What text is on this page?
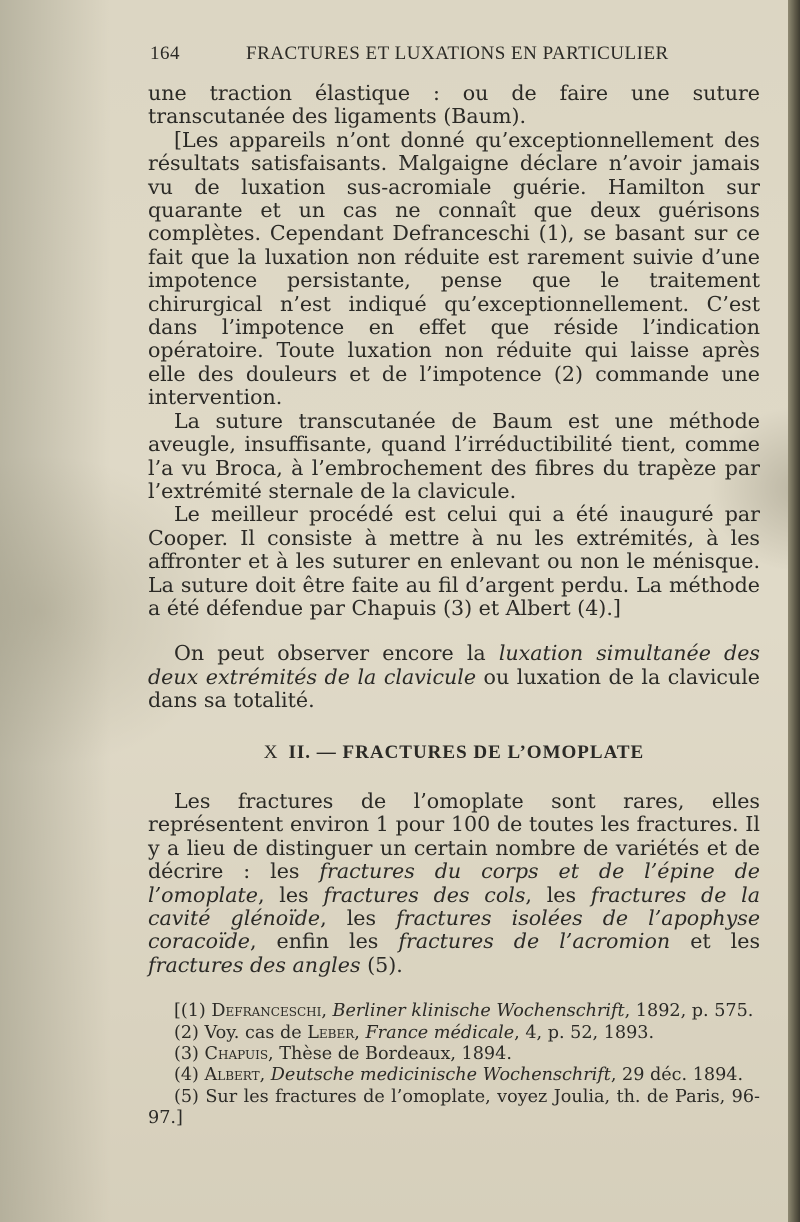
164	FRACTURES ET LUXATIONS EN PARTICULIER

une traction élastique : ou de faire une suture transcutanée des ligaments (Baum).

[Les appareils n’ont donné qu’exceptionnellement des résultats satisfaisants. Malgaigne déclare n’avoir jamais vu de luxation sus-acromiale guérie. Hamilton sur quarante et un cas ne connaît que deux guérisons complètes. Cependant Defranceschi (1), se basant sur ce fait que la luxation non réduite est rarement suivie d’une impotence persistante, pense que le traitement chirurgical n’est indiqué qu’exceptionnellement. C’est dans l’impotence en effet que réside l’indication opératoire. Toute luxation non réduite qui laisse après elle des douleurs et de l’impotence (2) commande une intervention.

La suture transcutanée de Baum est une méthode aveugle, insuffisante, quand l’irréductibilité tient, comme l’a vu Broca, à l’embrochement des fibres du trapèze par l’extrémité sternale de la clavicule.

Le meilleur procédé est celui qui a été inauguré par Cooper. Il consiste à mettre à nu les extrémités, à les affronter et à les suturer en enlevant ou non le ménisque. La suture doit être faite au fil d’argent perdu. La méthode a été défendue par Chapuis (3) et Albert (4).]

On peut observer encore la luxation simultanée des deux extrémités de la clavicule ou luxation de la clavicule dans sa totalité.

X II. — FRACTURES DE L’OMOPLATE

Les fractures de l’omoplate sont rares, elles représentent environ 1 pour 100 de toutes les fractures. Il y a lieu de distinguer un certain nombre de variétés et de décrire : les fractures du corps et de l’épine de l’omoplate, les fractures des cols, les fractures de la cavité glénoïde, les fractures isolées de l’apophyse coracoïde, enfin les fractures de l’acromion et les fractures des angles (5).

[(1) Defranceschi, Berliner klinische Wochenschrift, 1892, p. 575.

(2) Voy. cas de Leber, France médicale, 4, p. 52, 1893.

(3) Chapuis, Thèse de Bordeaux, 1894.

(4) Albert, Deutsche medicinische Wochenschrift, 29 déc. 1894.

(5) Sur les fractures de l’omoplate, voyez Joulia, th. de Paris, 96-97.]
